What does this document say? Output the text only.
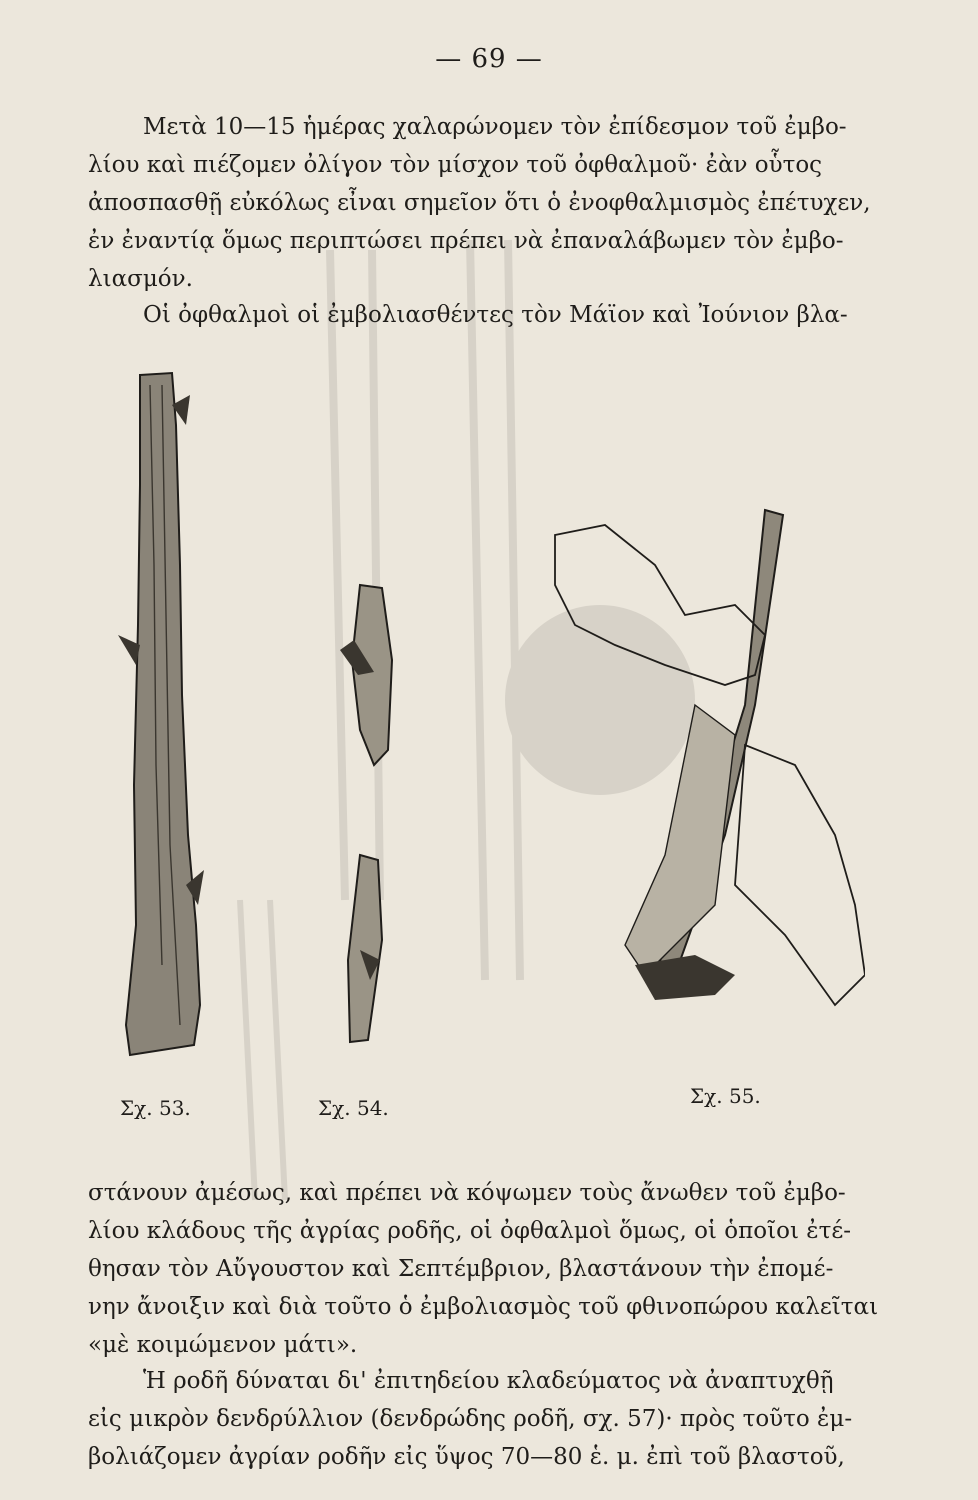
— 69 —
Μετὰ 10—15 ἡμέρας χαλαρώνομεν τὸν ἐπίδεσμον τοῦ ἐμβο-
λίου καὶ πιέζομεν ὀλίγον τὸν μίσχον τοῦ ὀφθαλμοῦ· ἐὰν οὗτος
ἀποσπασθῇ εὐκόλως εἶναι σημεῖον ὅτι ὁ ἐνοφθαλμισμὸς ἐπέτυχεν,
ἐν ἐναντίᾳ ὅμως περιπτώσει πρέπει νὰ ἐπαναλάβωμεν τὸν ἐμβο-
λιασμόν.
Οἱ ὀφθαλμοὶ οἱ ἐμβολιασθέντες τὸν Μάϊον καὶ Ἰούνιον βλα-
Σχ. 53.	Σχ. 54.	Σχ. 55.
στάνουν ἀμέσως, καὶ πρέπει νὰ κόψωμεν τοὺς ἄνωθεν τοῦ ἐμβο-
λίου κλάδους τῆς ἀγρίας ροδῆς, οἱ ὀφθαλμοὶ ὅμως, οἱ ὁποῖοι ἐτέ-
θησαν τὸν Αὔγουστον καὶ Σεπτέμβριον, βλαστάνουν τὴν ἐπομέ-
νην ἄνοιξιν καὶ διὰ τοῦτο ὁ ἐμβολιασμὸς τοῦ φθινοπώρου καλεῖται
«μὲ κοιμώμενον μάτι».
Ἡ ροδῆ δύναται δι' ἐπιτηδείου κλαδεύματος νὰ ἀναπτυχθῇ
εἰς μικρὸν δενδρύλλιον (δενδρώδης ροδῆ, σχ. 57)· πρὸς τοῦτο ἐμ-
βολιάζομεν ἀγρίαν ροδῆν εἰς ὕψος 70—80 ἑ. μ. ἐπὶ τοῦ βλαστοῦ,
